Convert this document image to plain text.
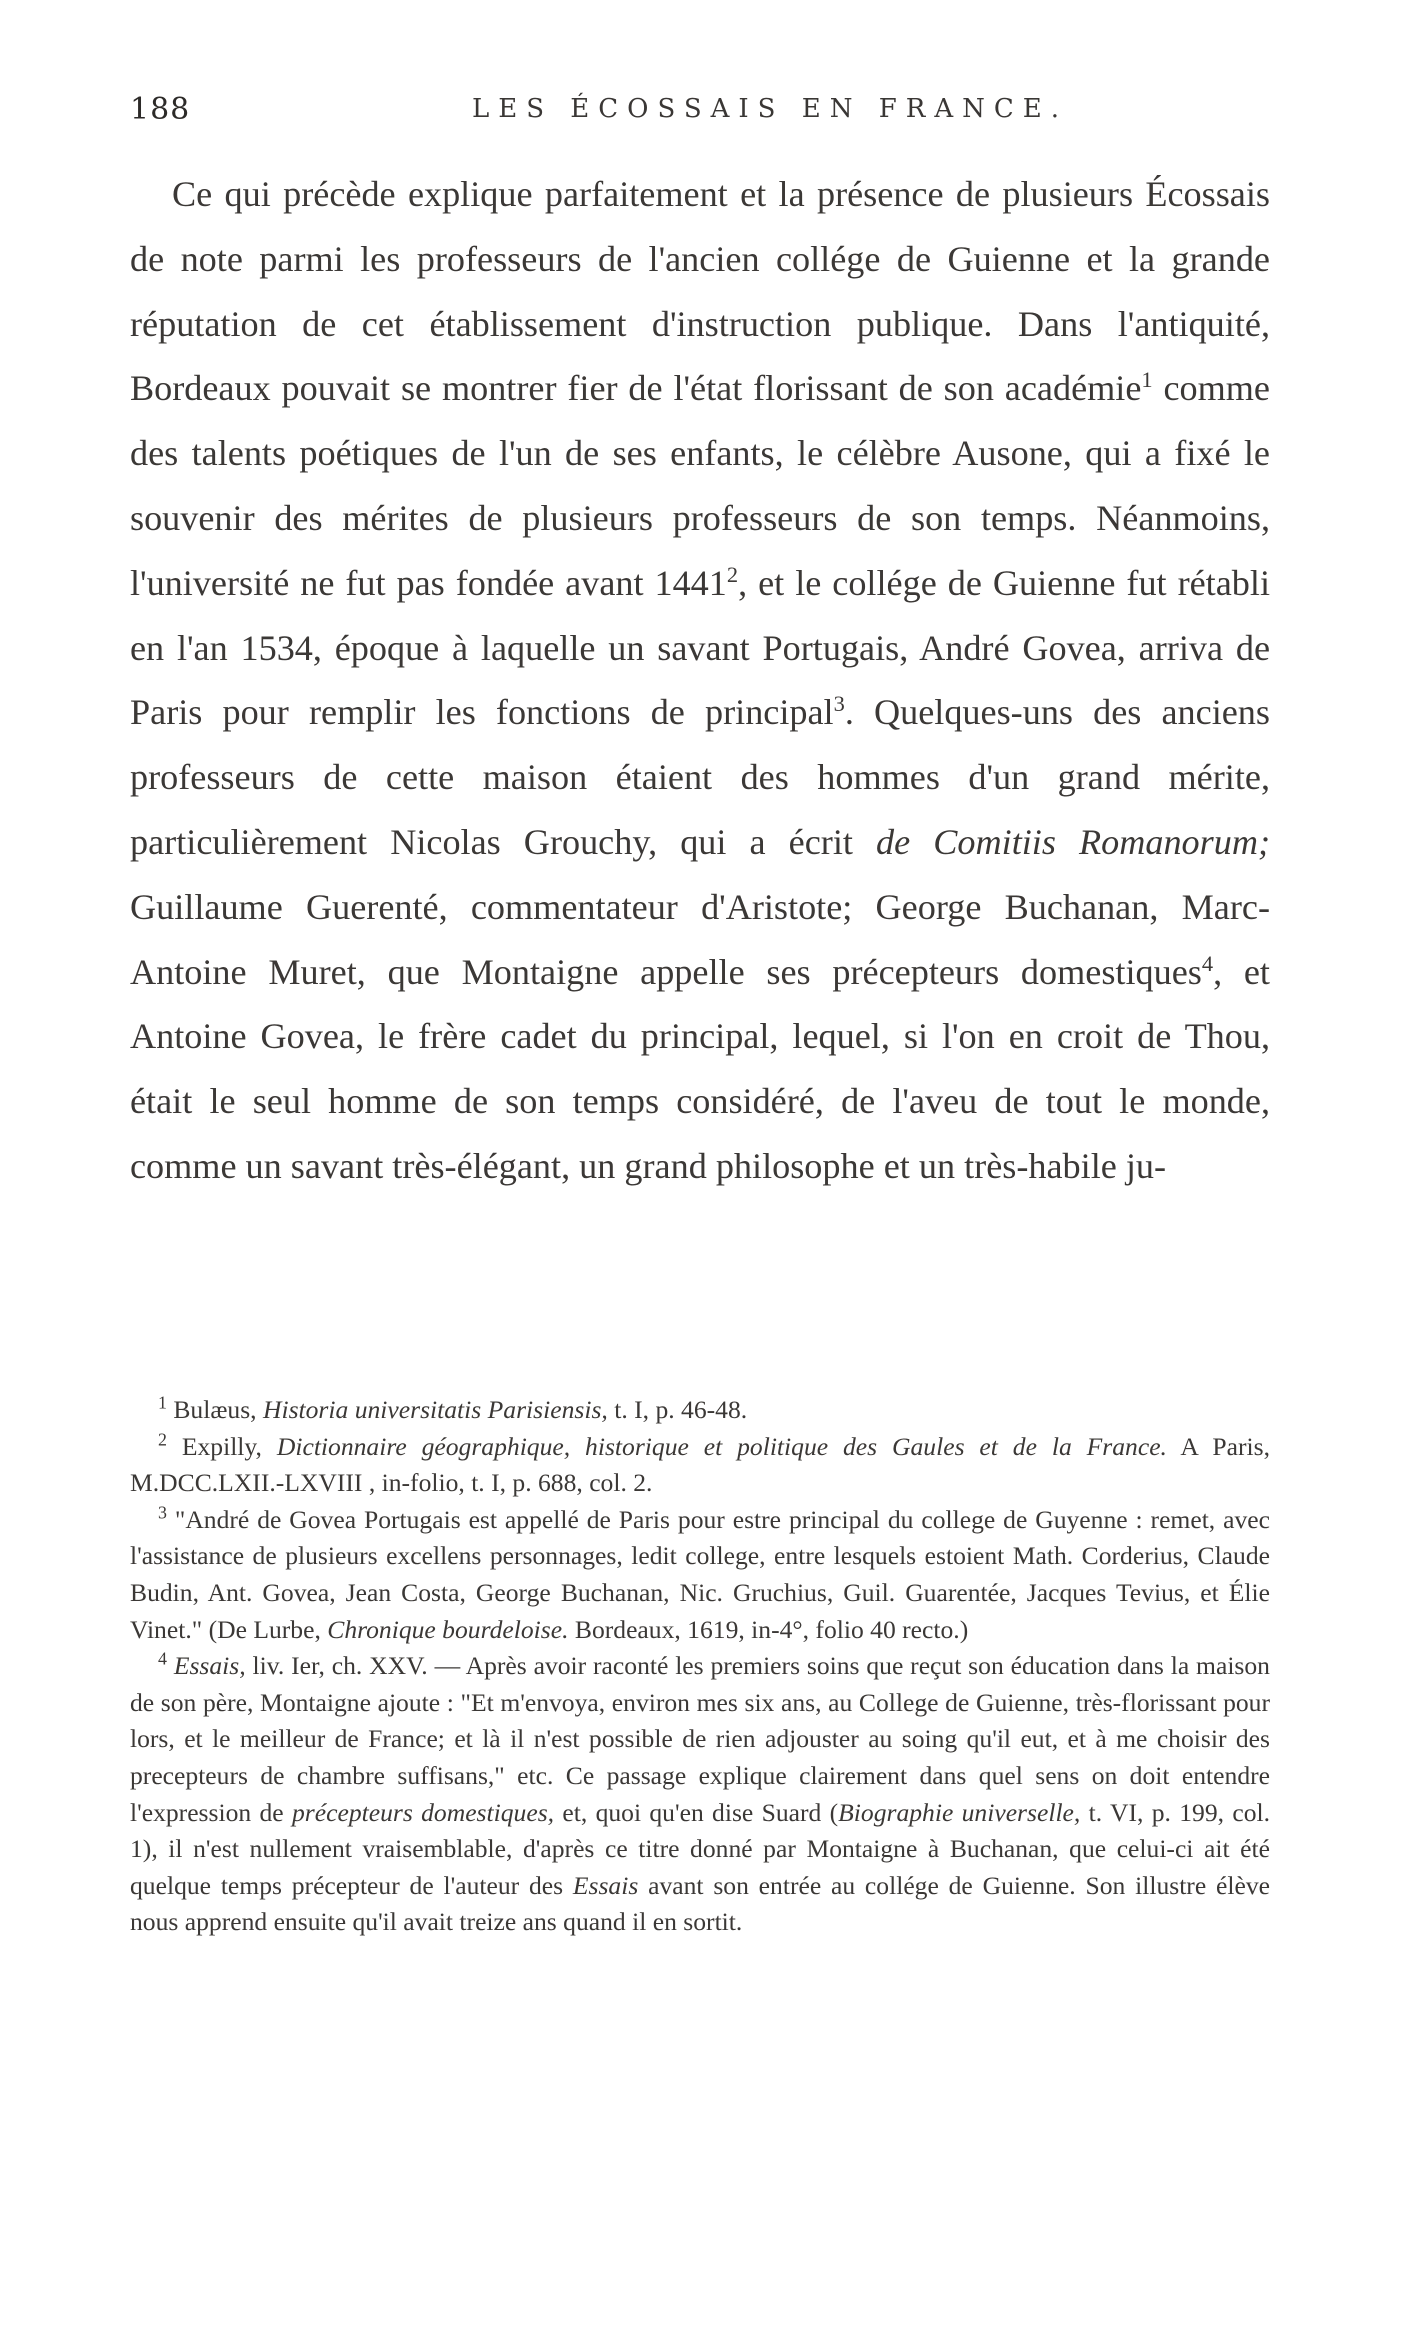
188	LES ÉCOSSAIS EN FRANCE.
Ce qui précède explique parfaitement et la présence de plusieurs Écossais de note parmi les professeurs de l'ancien collége de Guienne et la grande réputation de cet établissement d'instruction publique. Dans l'antiquité, Bordeaux pouvait se montrer fier de l'état florissant de son académie$^1$ comme des talents poétiques de l'un de ses enfants, le célèbre Ausone, qui a fixé le souvenir des mérites de plusieurs professeurs de son temps. Néanmoins, l'université ne fut pas fondée avant 1441$^2$, et le collége de Guienne fut rétabli en l'an 1534, époque à laquelle un savant Portugais, André Govea, arriva de Paris pour remplir les fonctions de principal$^3$. Quelques-uns des anciens professeurs de cette maison étaient des hommes d'un grand mérite, particulièrement Nicolas Grouchy, qui a écrit de Comitiis Romanorum; Guillaume Guerenté, commentateur d'Aristote; George Buchanan, Marc-Antoine Muret, que Montaigne appelle ses précepteurs domestiques$^4$, et Antoine Govea, le frère cadet du principal, lequel, si l'on en croit de Thou, était le seul homme de son temps considéré, de l'aveu de tout le monde, comme un savant très-élégant, un grand philosophe et un très-habile ju-

$^1$ Bulæus, Historia universitatis Parisiensis, t. I, p. 46-48.

$^2$ Expilly, Dictionnaire géographique, historique et politique des Gaules et de la France. A Paris, M.DCC.LXII.-LXVIII , in-folio, t. I, p. 688, col. 2.

$^3$ "André de Govea Portugais est appellé de Paris pour estre principal du college de Guyenne : remet, avec l'assistance de plusieurs excellens personnages, ledit college, entre lesquels estoient Math. Corderius, Claude Budin, Ant. Govea, Jean Costa, George Buchanan, Nic. Gruchius, Guil. Guarentée, Jacques Tevius, et Élie Vinet." (De Lurbe, Chronique bourdeloise. Bordeaux, 1619, in-4°, folio 40 recto.)

$^4$ Essais, liv. Ier, ch. XXV. — Après avoir raconté les premiers soins que reçut son éducation dans la maison de son père, Montaigne ajoute : "Et m'envoya, environ mes six ans, au College de Guienne, très-florissant pour lors, et le meilleur de France; et là il n'est possible de rien adjouster au soing qu'il eut, et à me choisir des precepteurs de chambre suffisans," etc. Ce passage explique clairement dans quel sens on doit entendre l'expression de précepteurs domestiques, et, quoi qu'en dise Suard (Biographie universelle, t. VI, p. 199, col. 1), il n'est nullement vraisemblable, d'après ce titre donné par Montaigne à Buchanan, que celui-ci ait été quelque temps précepteur de l'auteur des Essais avant son entrée au collége de Guienne. Son illustre élève nous apprend ensuite qu'il avait treize ans quand il en sortit.
